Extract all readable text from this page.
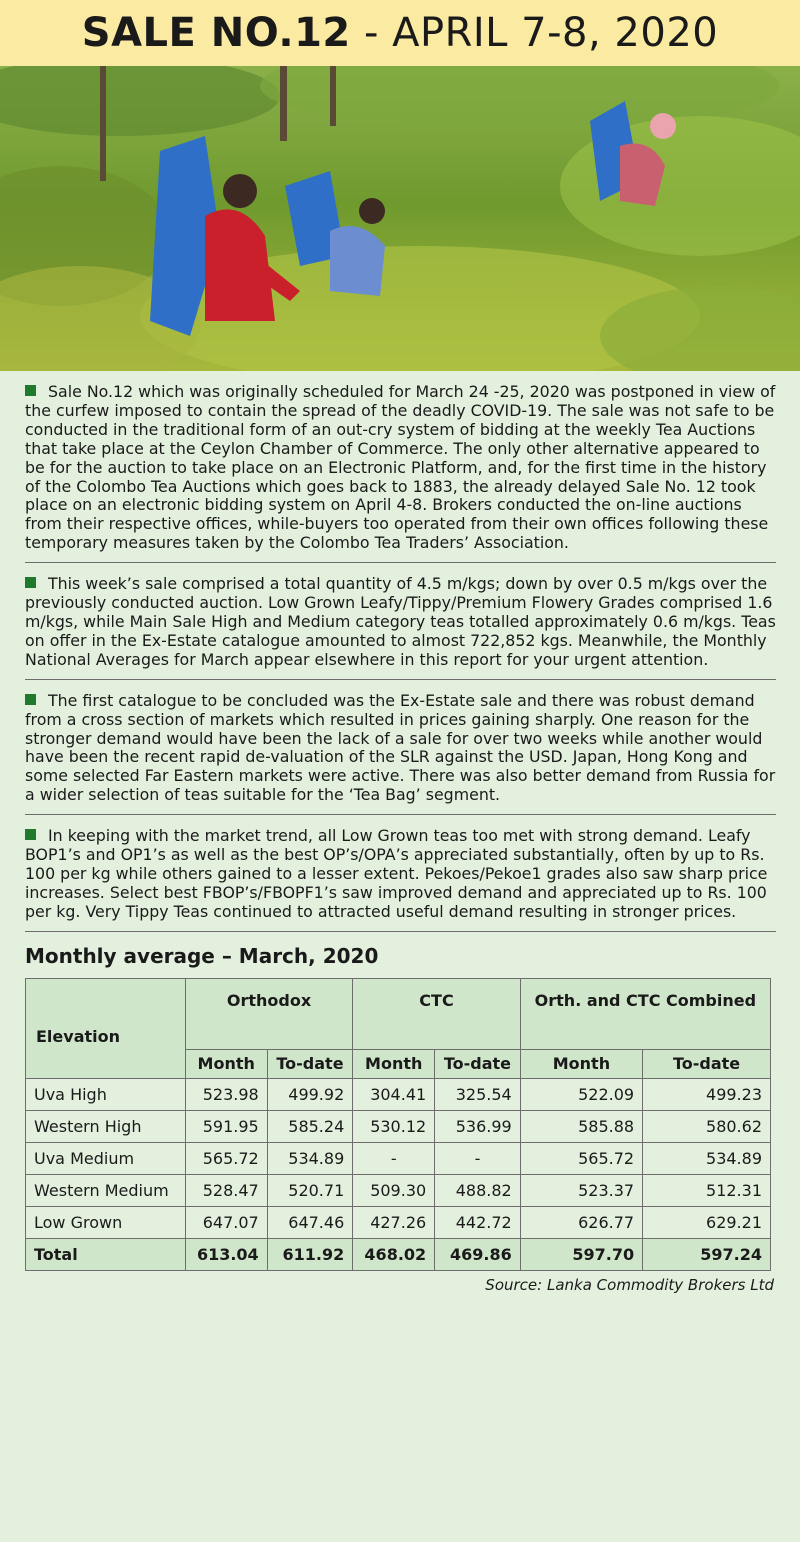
SALE NO.12 - APRIL 7-8, 2020
Sale No.12 which was originally scheduled for March 24 -25, 2020 was postponed in view of the curfew imposed to contain the spread of the deadly COVID-19. The sale was not safe to be conducted in the traditional form of an out-cry system of bidding at the weekly Tea Auctions that take place at the Ceylon Chamber of Commerce. The only other alternative appeared to be for the auction to take place on an Electronic Platform, and, for the first time in the history of the Colombo Tea Auctions which goes back to 1883, the already delayed Sale No. 12 took place on an electronic bidding system on April 4-8. Brokers conducted the on-line auctions from their respective offices, while-buyers too operated from their own offices following these temporary measures taken by the Colombo Tea Traders’ Association.
This week’s sale comprised a total quantity of 4.5 m/kgs; down by over 0.5 m/kgs over the previously conducted auction. Low Grown Leafy/Tippy/Premium Flowery Grades comprised 1.6 m/kgs, while Main Sale High and Medium category teas totalled approximately 0.6 m/kgs. Teas on offer in the Ex-Estate catalogue amounted to almost 722,852 kgs. Meanwhile, the Monthly National Averages for March appear elsewhere in this report for your urgent attention.
The first catalogue to be concluded was the Ex-Estate sale and there was robust demand from a cross section of markets which resulted in prices gaining sharply. One reason for the stronger demand would have been the lack of a sale for over two weeks while another would have been the recent rapid de-valuation of the SLR against the USD. Japan, Hong Kong and some selected Far Eastern markets were active. There was also better demand from Russia for a wider selection of teas suitable for the ‘Tea Bag’ segment.
In keeping with the market trend, all Low Grown teas too met with strong demand. Leafy BOP1’s and OP1’s as well as the best OP’s/OPA’s appreciated substantially, often by up to Rs. 100 per kg while others gained to a lesser extent. Pekoes/Pekoe1 grades also saw sharp price increases. Select best FBOP’s/FBOPF1’s saw improved demand and appreciated up to Rs. 100 per kg. Very Tippy Teas continued to attracted useful demand resulting in stronger prices.
Monthly average – March, 2020
Elevation	Orthodox		CTC		Orth. and CTC Combined	
	Month	To-date	Month	To-date	Month	To-date
Uva High	523.98	499.92	304.41	325.54	522.09	499.23
Western High	591.95	585.24	530.12	536.99	585.88	580.62
Uva Medium	565.72	534.89	-	-	565.72	534.89
Western Medium	528.47	520.71	509.30	488.82	523.37	512.31
Low Grown	647.07	647.46	427.26	442.72	626.77	629.21
Total	613.04	611.92	468.02	469.86	597.70	597.24
Source: Lanka Commodity Brokers Ltd
